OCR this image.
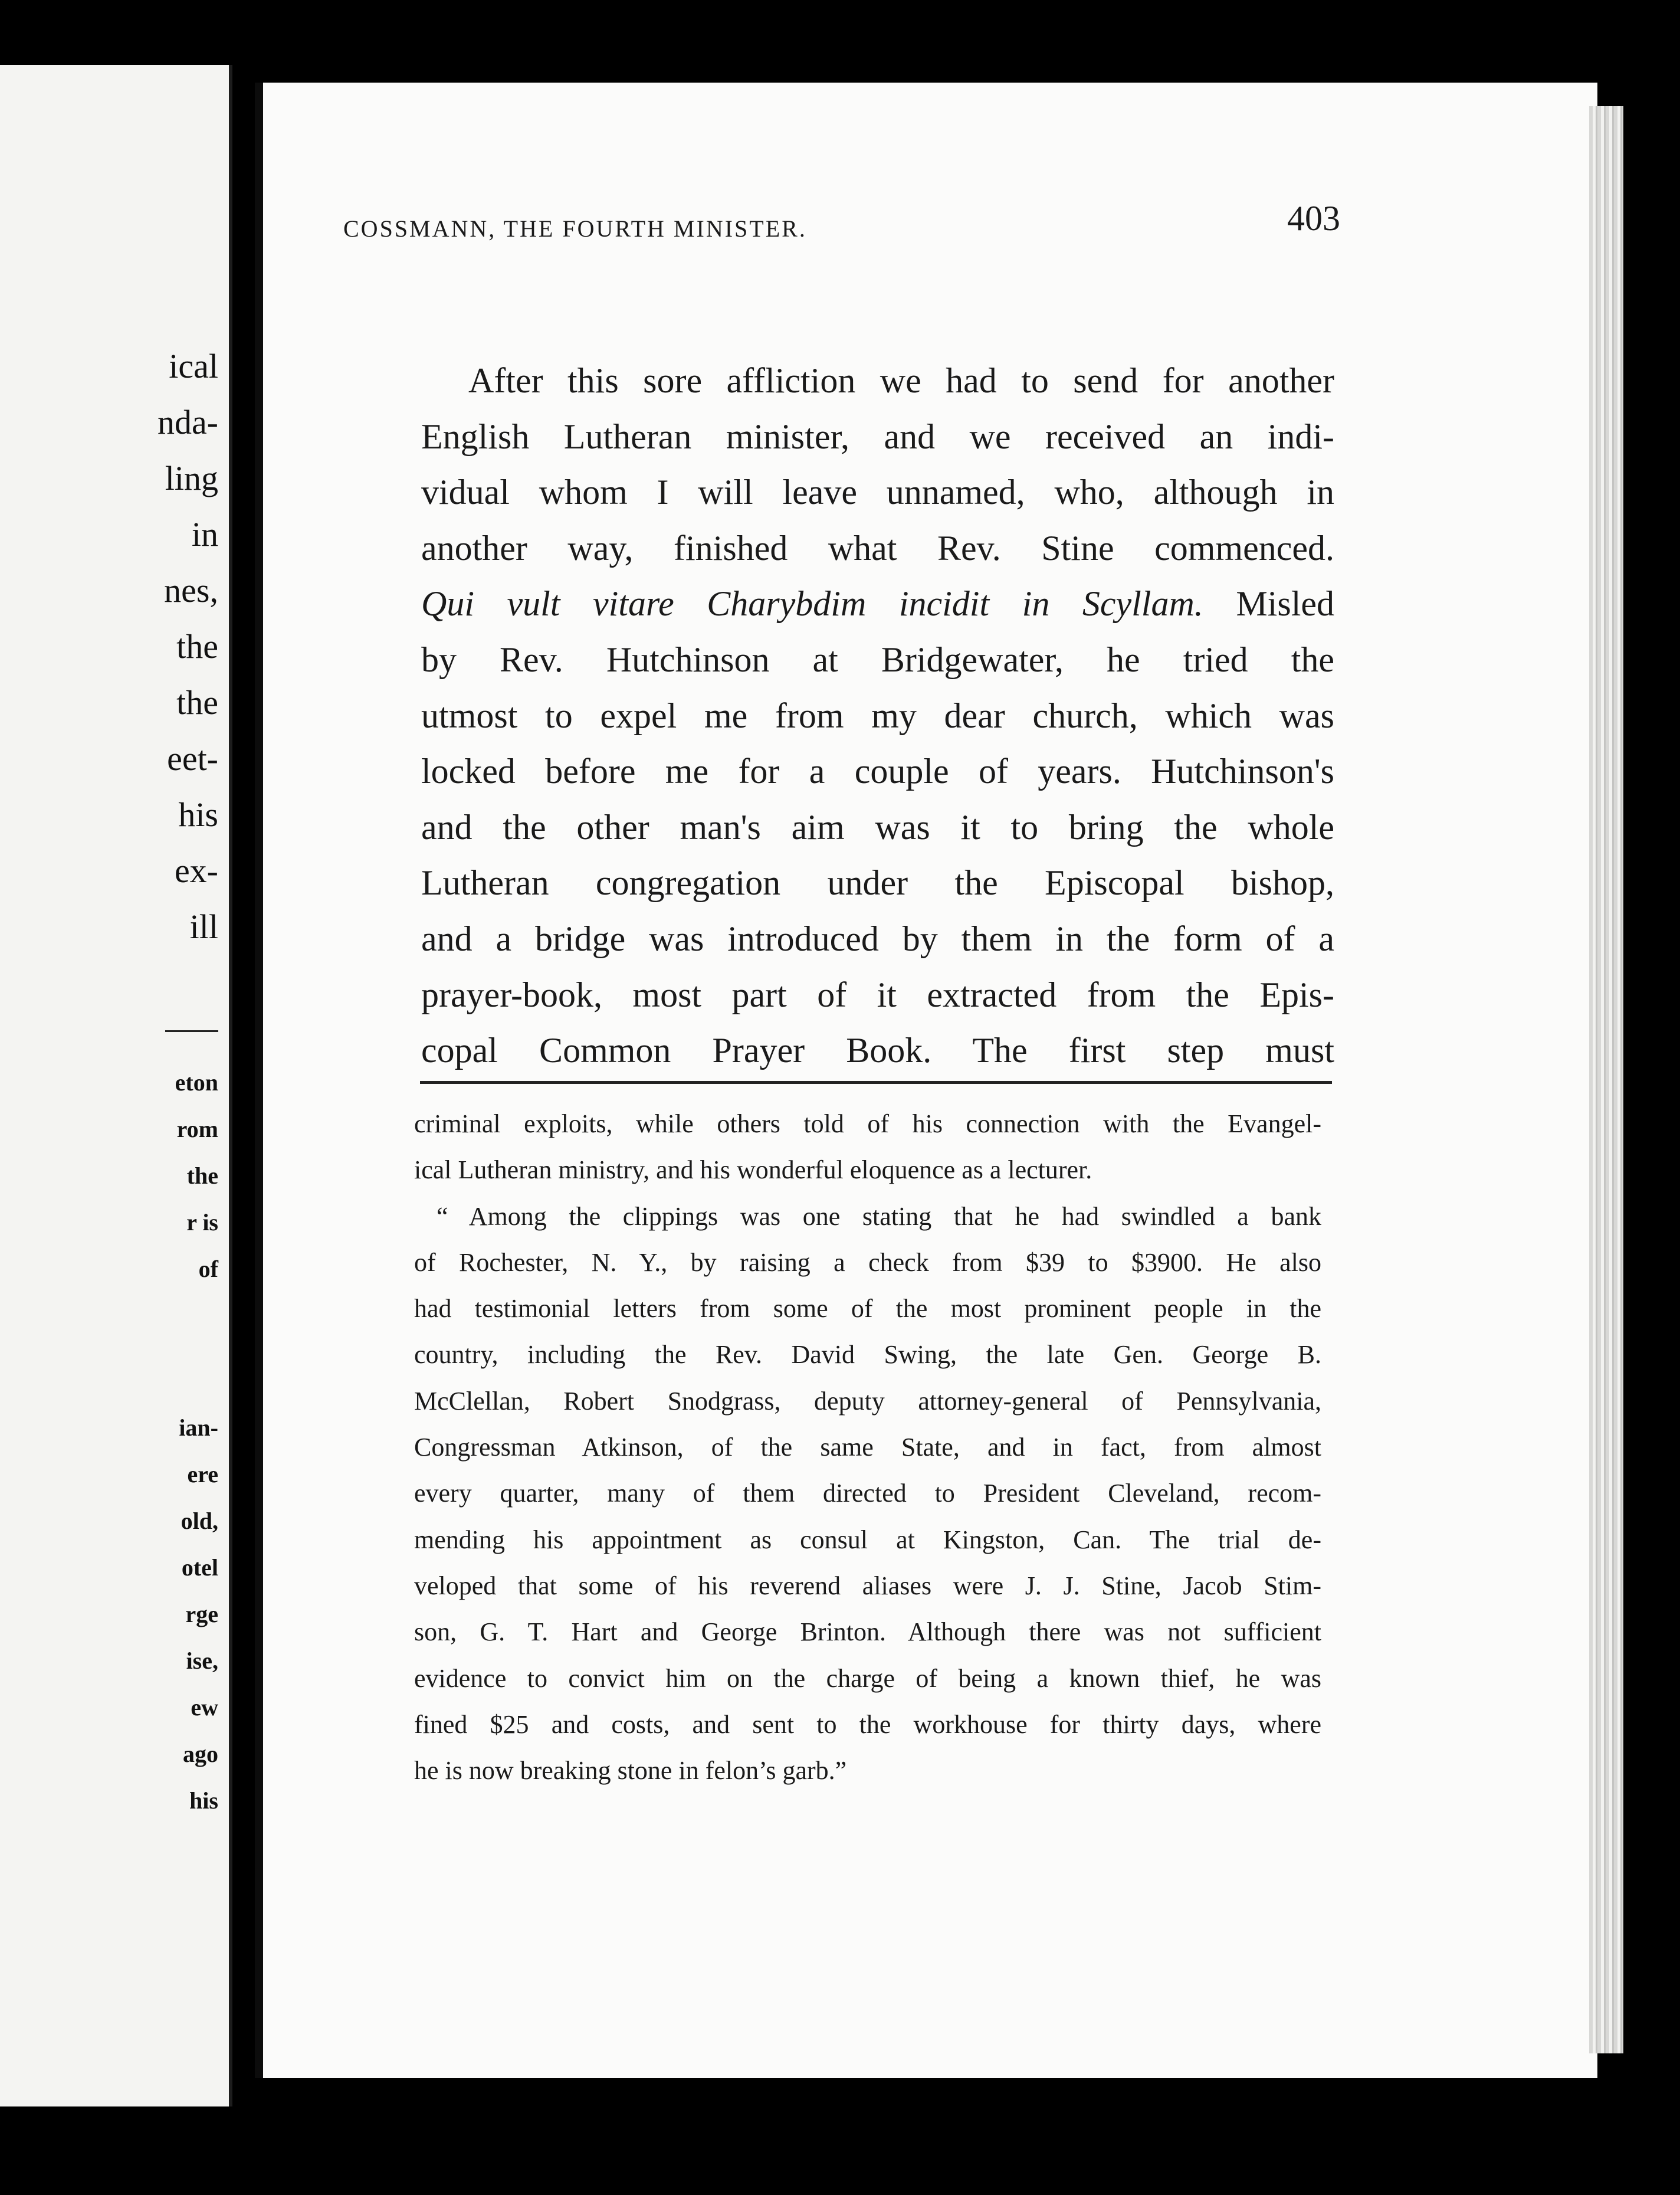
ical
nda-
ling
in
nes,
the
the
eet-
his
ex-
ill
eton
rom
the
r is
of
ian-
ere
old,
otel
rge
ise,
ew
ago
his
COSSMANN, THE FOURTH MINISTER.	403
After this sore affliction we had to send for another
English Lutheran minister, and we received an indi-
vidual whom I will leave unnamed, who, although in
another way, finished what Rev. Stine commenced.
Qui vult vitare Charybdim incidit in Scyllam. Misled
by Rev. Hutchinson at Bridgewater, he tried the
utmost to expel me from my dear church, which was
locked before me for a couple of years. Hutchinson's
and the other man's aim was it to bring the whole
Lutheran congregation under the Episcopal bishop,
and a bridge was introduced by them in the form of a
prayer-book, most part of it extracted from the Epis-
copal Common Prayer Book. The first step must
criminal exploits, while others told of his connection with the Evangel-
ical Lutheran ministry, and his wonderful eloquence as a lecturer.
“ Among the clippings was one stating that he had swindled a bank
of Rochester, N. Y., by raising a check from $39 to $3900. He also
had testimonial letters from some of the most prominent people in the
country, including the Rev. David Swing, the late Gen. George B.
McClellan, Robert Snodgrass, deputy attorney-general of Pennsylvania,
Congressman Atkinson, of the same State, and in fact, from almost
every quarter, many of them directed to President Cleveland, recom-
mending his appointment as consul at Kingston, Can. The trial de-
veloped that some of his reverend aliases were J. J. Stine, Jacob Stim-
son, G. T. Hart and George Brinton. Although there was not sufficient
evidence to convict him on the charge of being a known thief, he was
fined $25 and costs, and sent to the workhouse for thirty days, where
he is now breaking stone in felon’s garb.”
